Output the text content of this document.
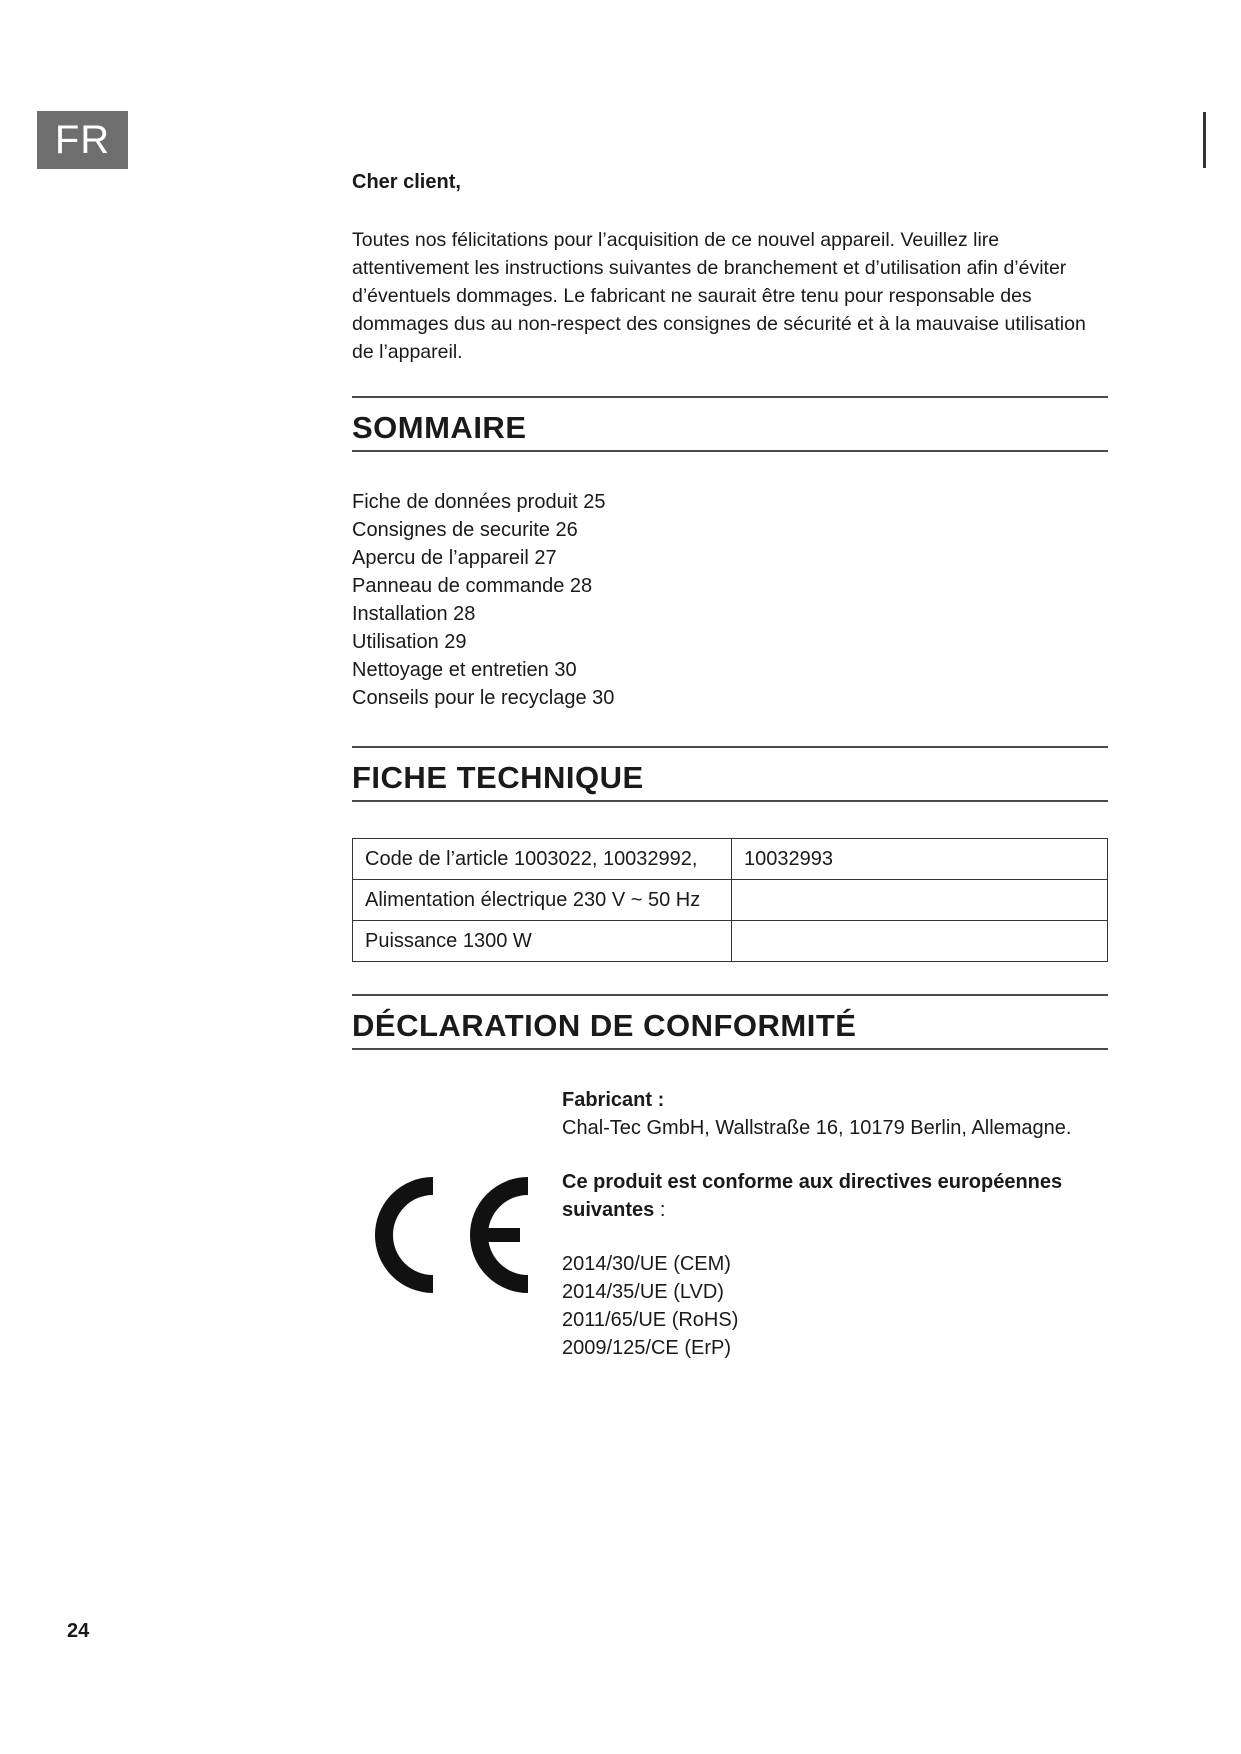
FR

Cher client,

Toutes nos félicitations pour l’acquisition de ce nouvel appareil. Veuillez lire attentivement les instructions suivantes de branchement et d’utilisation afin d’éviter d’éventuels dommages. Le fabricant ne saurait être tenu pour responsable des dommages dus au non-respect des consignes de sécurité et à la mauvaise utilisation de l’appareil.

SOMMAIRE
Fiche de données produit 25
Consignes de securite 26
Apercu de l’appareil 27
Panneau de commande 28
Installation 28
Utilisation 29
Nettoyage et entretien 30
Conseils pour le recyclage 30
FICHE TECHNIQUE
Code de l’article 1003022, 10032992,	10032993
Alimentation électrique 230 V ~ 50 Hz	
Puissance 1300 W	
DÉCLARATION DE CONFORMITÉ

Fabricant :

Chal-Tec GmbH, Wallstraße 16, 10179 Berlin, Allemagne.

Ce produit est conforme aux directives européennes suivantes :

2014/30/UE (CEM)

2014/35/UE (LVD)

2011/65/UE (RoHS)

2009/125/CE (ErP)

24
